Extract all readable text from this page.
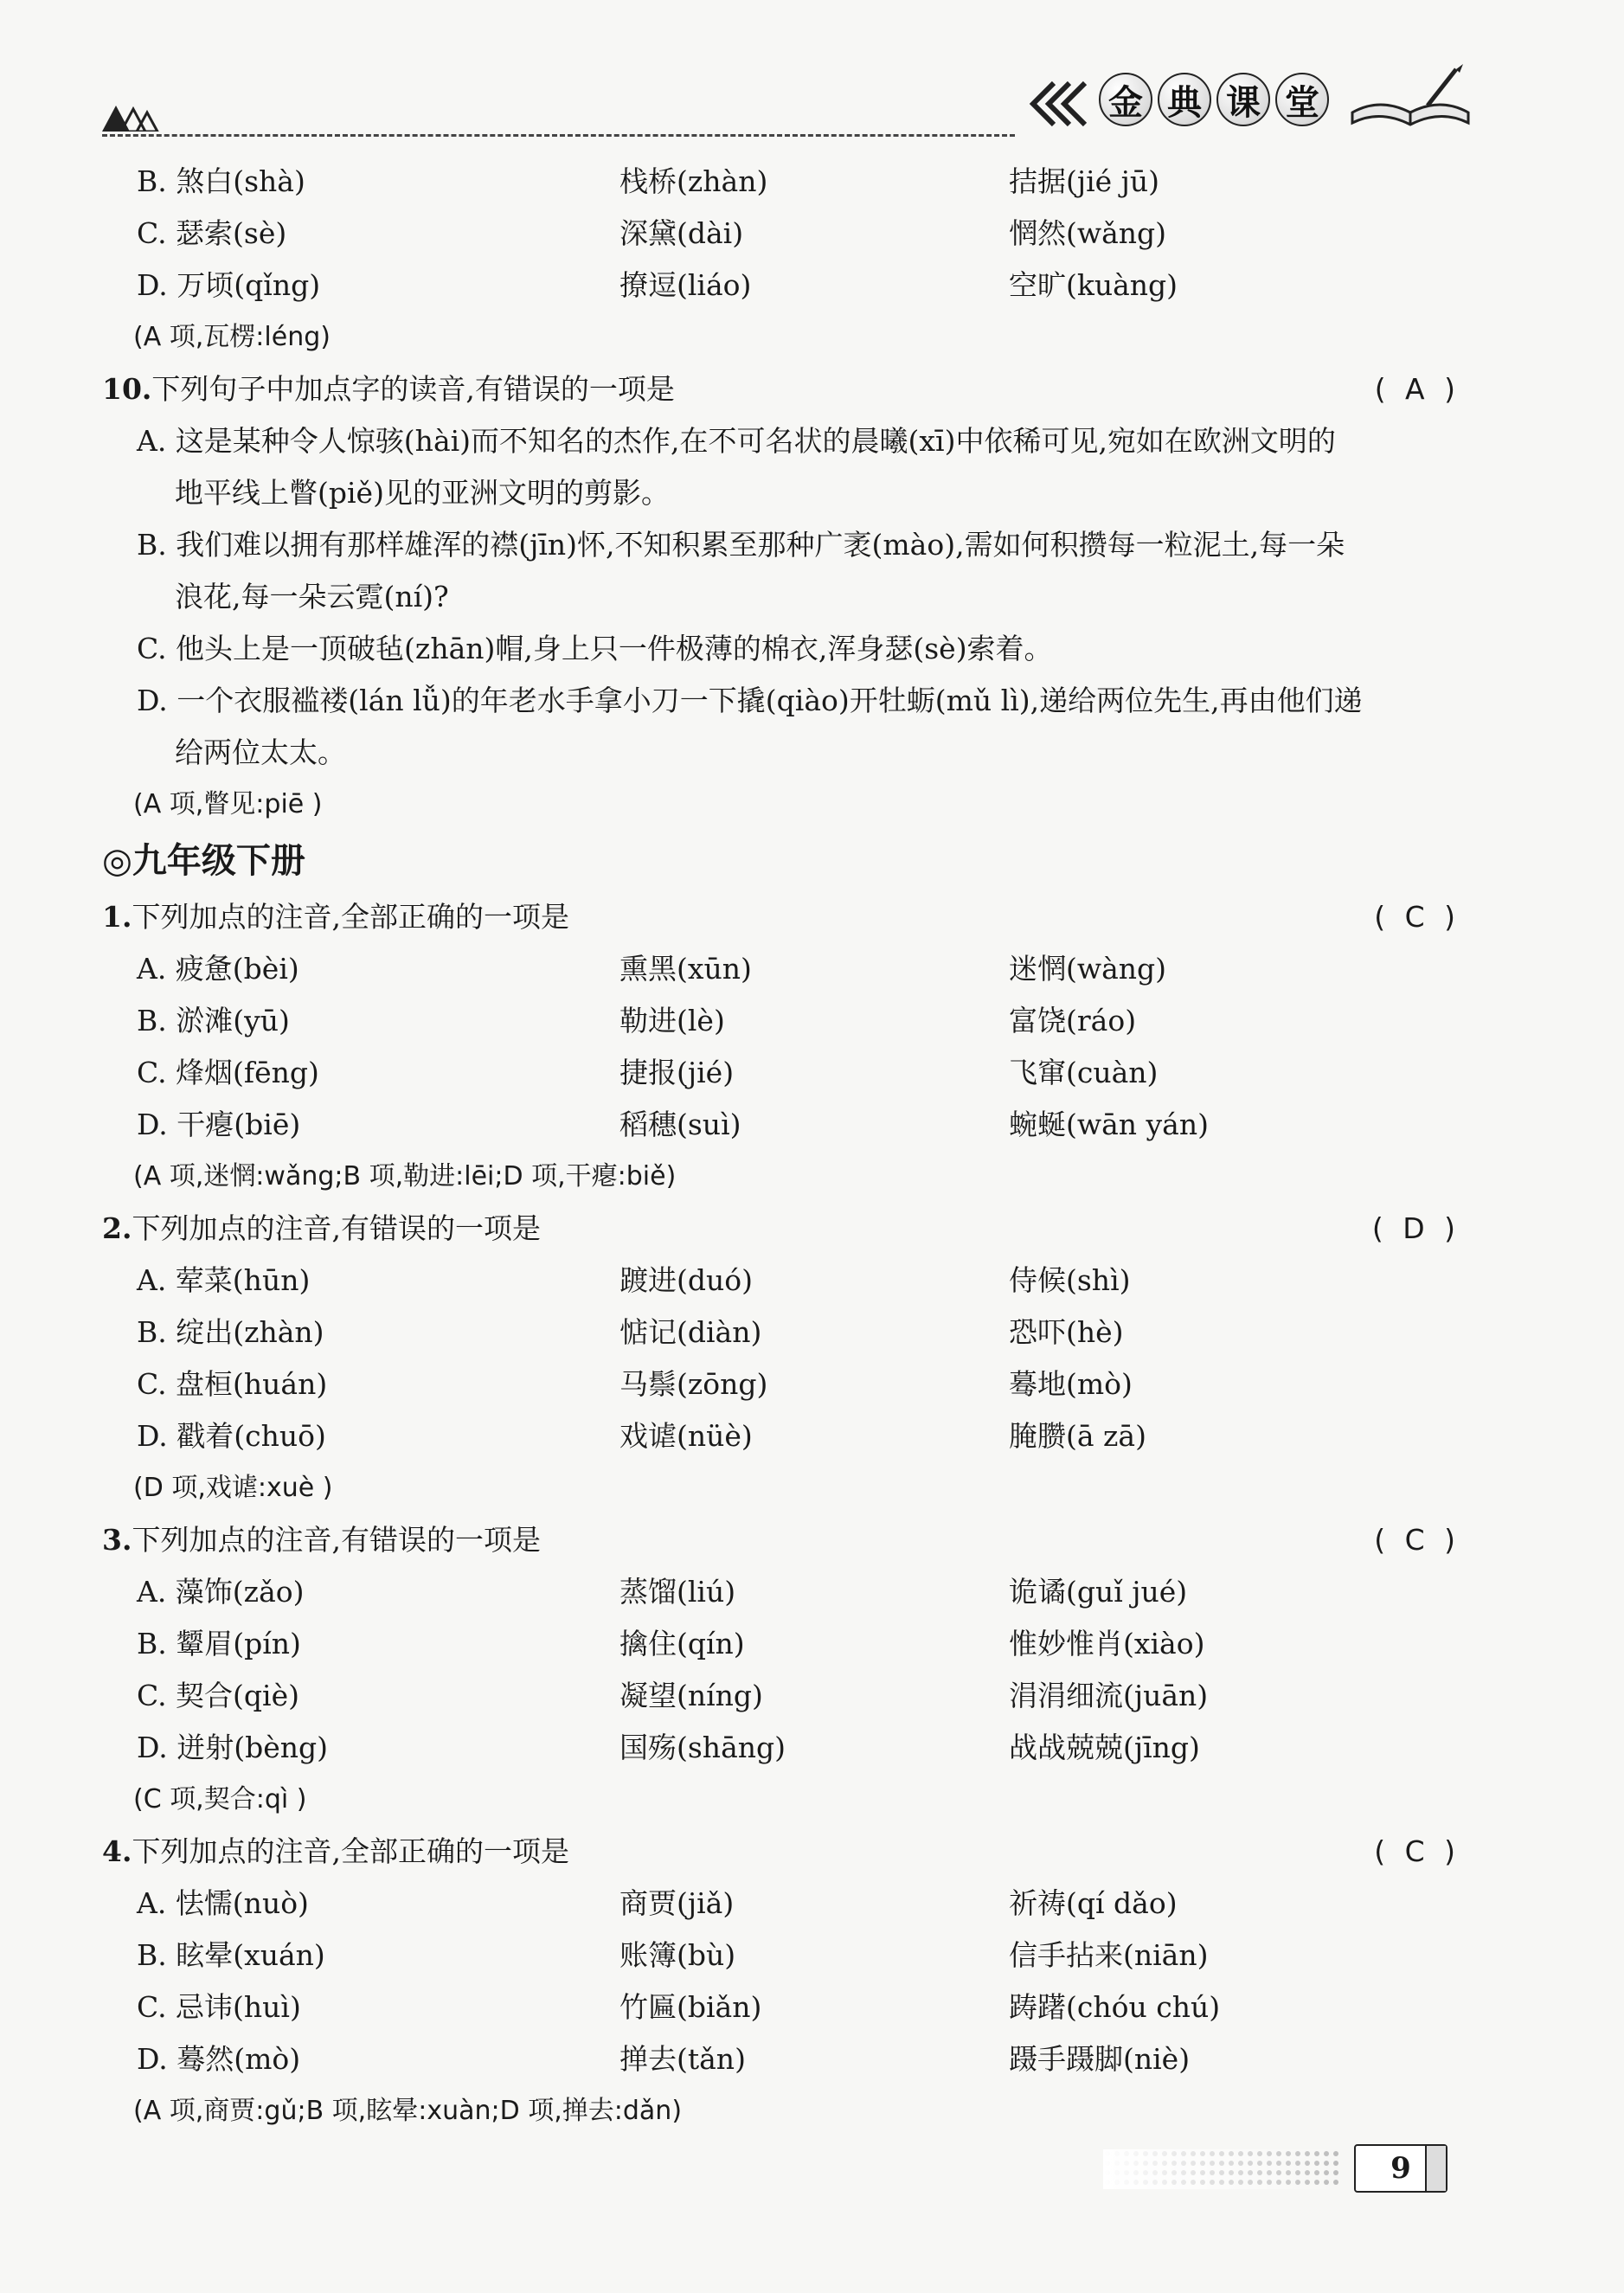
金 典 课 堂
B. 煞白(shà)	栈桥(zhàn)	拮据(jié jū)
C. 瑟索(sè)	深黛(dài)	惘然(wǎng)
D. 万顷(qǐng)	撩逗(liáo)	空旷(kuàng)
(A 项,瓦楞:léng)
10.下列句子中加点字的读音,有错误的一项是	( A )
A. 这是某种令人惊骇(hài)而不知名的杰作,在不可名状的晨曦(xī)中依稀可见,宛如在欧洲文明的
地平线上瞥(piě)见的亚洲文明的剪影。
B. 我们难以拥有那样雄浑的襟(jīn)怀,不知积累至那种广袤(mào),需如何积攒每一粒泥土,每一朵
浪花,每一朵云霓(ní)?
C. 他头上是一顶破毡(zhān)帽,身上只一件极薄的棉衣,浑身瑟(sè)索着。
D. 一个衣服褴褛(lán lǚ)的年老水手拿小刀一下撬(qiào)开牡蛎(mǔ lì),递给两位先生,再由他们递
给两位太太。
(A 项,瞥见:piē )
◎九年级下册
1.下列加点的注音,全部正确的一项是	( C )
A. 疲惫(bèi)	熏黑(xūn)	迷惘(wàng)
B. 淤滩(yū)	勒进(lè)	富饶(ráo)
C. 烽烟(fēng)	捷报(jié)	飞窜(cuàn)
D. 干瘪(biē)	稻穗(suì)	蜿蜒(wān yán)
(A 项,迷惘:wǎng;B 项,勒进:lēi;D 项,干瘪:biě)
2.下列加点的注音,有错误的一项是	( D )
A. 荤菜(hūn)	踱进(duó)	侍候(shì)
B. 绽出(zhàn)	惦记(diàn)	恐吓(hè)
C. 盘桓(huán)	马鬃(zōng)	蓦地(mò)
D. 戳着(chuō)	戏谑(nüè)	腌臜(ā zā)
(D 项,戏谑:xuè )
3.下列加点的注音,有错误的一项是	( C )
A. 藻饰(zǎo)	蒸馏(liú)	诡谲(guǐ jué)
B. 颦眉(pín)	擒住(qín)	惟妙惟肖(xiào)
C. 契合(qiè)	凝望(níng)	涓涓细流(juān)
D. 迸射(bèng)	国殇(shāng)	战战兢兢(jīng)
(C 项,契合:qì )
4.下列加点的注音,全部正确的一项是	( C )
A. 怯懦(nuò)	商贾(jiǎ)	祈祷(qí dǎo)
B. 眩晕(xuán)	账簿(bù)	信手拈来(niān)
C. 忌讳(huì)	竹匾(biǎn)	踌躇(chóu chú)
D. 蓦然(mò)	掸去(tǎn)	蹑手蹑脚(niè)
(A 项,商贾:gǔ;B 项,眩晕:xuàn;D 项,掸去:dǎn)
9
